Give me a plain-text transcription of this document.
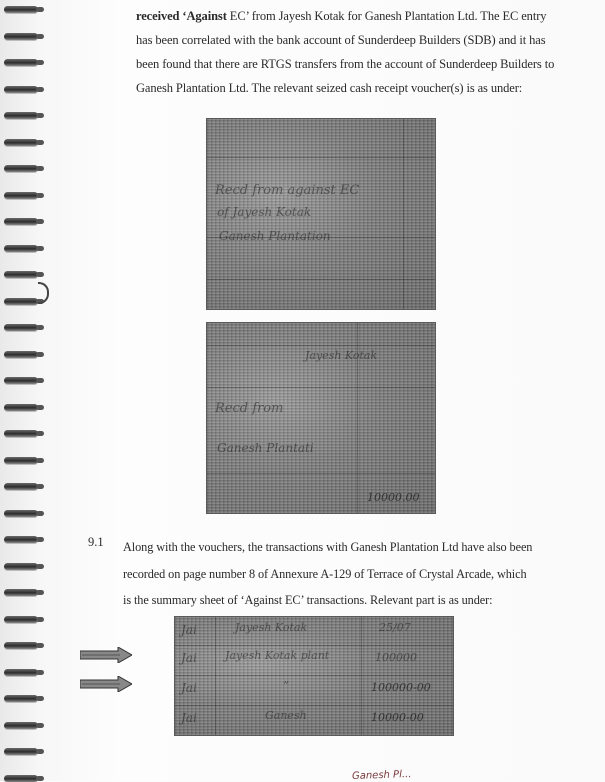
received ‘Against EC’ from Jayesh Kotak for Ganesh Plantation Ltd. The EC entry
has been correlated with the bank account of Sunderdeep Builders (SDB) and it has
been found that there are RTGS transfers from the account of Sunderdeep Builders to
Ganesh Plantation Ltd. The relevant seized cash receipt voucher(s) is as under:
Recd from against EC
of Jayesh Kotak
Ganesh Plantation
Jayesh Kotak
Recd from
Ganesh Plantati
10000.00
9.1 Along with the vouchers, the transactions with Ganesh Plantation Ltd have also been
recorded on page number 8 of Annexure A-129 of Terrace of Crystal Arcade, which
is the summary sheet of ‘Against EC’ transactions. Relevant part is as under:
Jai	Jayesh Kotak	25/07
Jai	Jayesh Kotak plant	100000
Jai	”	100000-00
Jai	Ganesh	10000-00
Ganesh Pl...
